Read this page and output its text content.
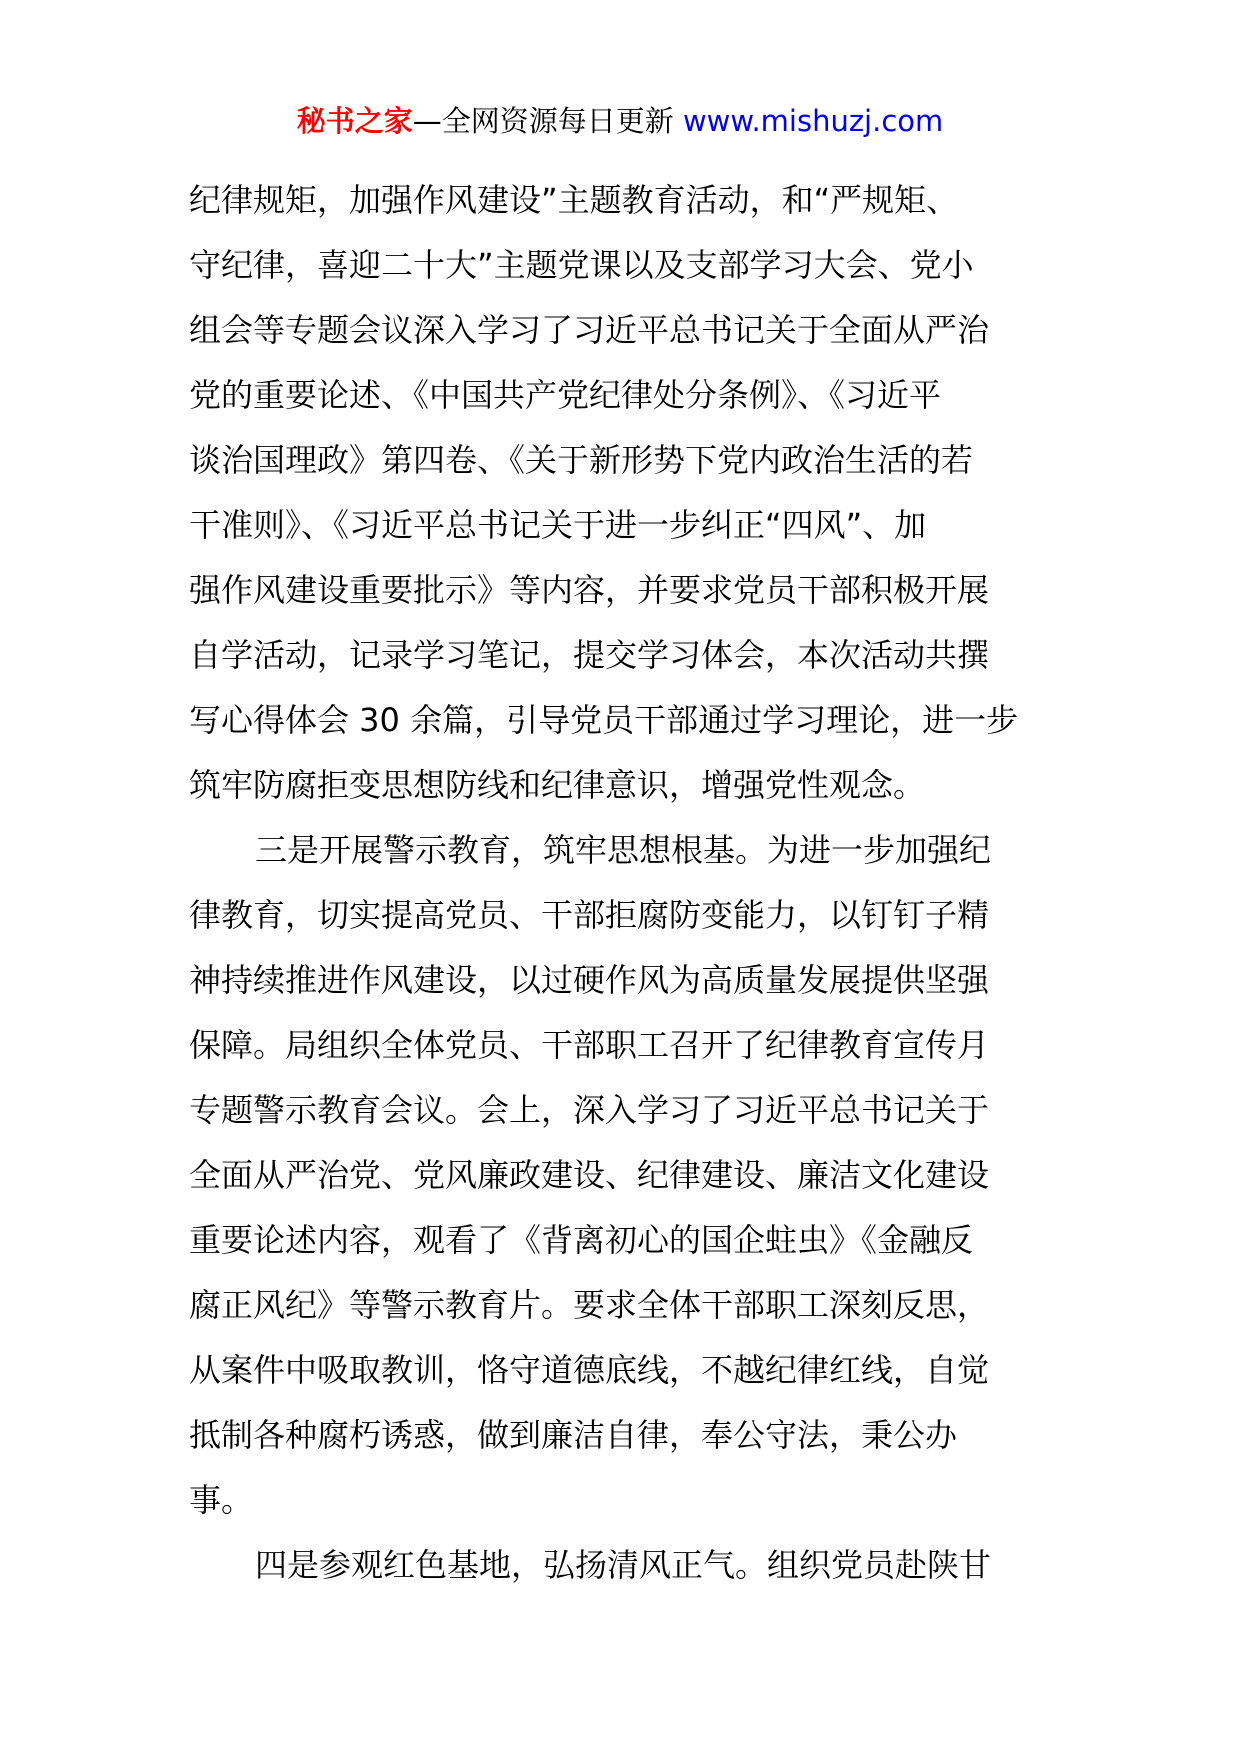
秘书之家—全网资源每日更新 www.mishuzj.com
纪律规矩，加强作风建设”主题教育活动，和“严规矩、
守纪律，喜迎二十大”主题党课以及支部学习大会、党小
组会等专题会议深入学习了习近平总书记关于全面从严治
党的重要论述、《中国共产党纪律处分条例》、《习近平
谈治国理政》第四卷、《关于新形势下党内政治生活的若
干准则》、《习近平总书记关于进一步纠正“四风”、加
强作风建设重要批示》等内容，并要求党员干部积极开展
自学活动，记录学习笔记，提交学习体会，本次活动共撰
写心得体会 30 余篇，引导党员干部通过学习理论，进一步
筑牢防腐拒变思想防线和纪律意识，增强党性观念。
三是开展警示教育，筑牢思想根基。为进一步加强纪
律教育，切实提高党员、干部拒腐防变能力，以钉钉子精
神持续推进作风建设，以过硬作风为高质量发展提供坚强
保障。局组织全体党员、干部职工召开了纪律教育宣传月
专题警示教育会议。会上，深入学习了习近平总书记关于
全面从严治党、党风廉政建设、纪律建设、廉洁文化建设
重要论述内容，观看了《背离初心的国企蛀虫》《金融反
腐正风纪》等警示教育片。要求全体干部职工深刻反思，
从案件中吸取教训，恪守道德底线，不越纪律红线，自觉
抵制各种腐朽诱惑，做到廉洁自律，奉公守法，秉公办
事。
四是参观红色基地，弘扬清风正气。组织党员赴陕甘
